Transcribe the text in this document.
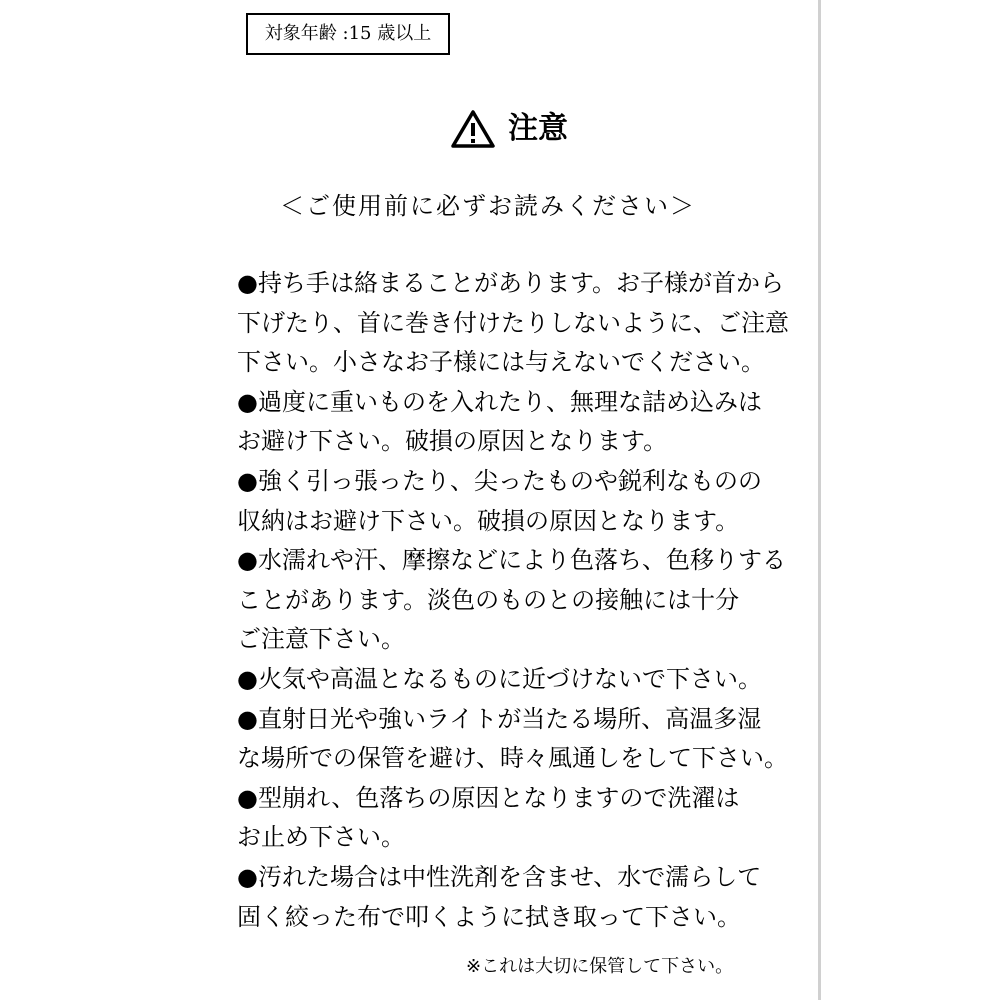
対象年齢 :15 歳以上
注意
＜ご使用前に必ずお読みください＞
●持ち手は絡まることがあります。お子様が首から
下げたり、首に巻き付けたりしないように、ご注意
下さい。小さなお子様には与えないでください。
●過度に重いものを入れたり、無理な詰め込みは
お避け下さい。破損の原因となります。
●強く引っ張ったり、尖ったものや鋭利なものの
収納はお避け下さい。破損の原因となります。
●水濡れや汗、摩擦などにより色落ち、色移りする
ことがあります。淡色のものとの接触には十分
ご注意下さい。
●火気や高温となるものに近づけないで下さい。
●直射日光や強いライトが当たる場所、高温多湿
な場所での保管を避け、時々風通しをして下さい。
●型崩れ、色落ちの原因となりますので洗濯は
お止め下さい。
●汚れた場合は中性洗剤を含ませ、水で濡らして
固く絞った布で叩くように拭き取って下さい。
※これは大切に保管して下さい。
